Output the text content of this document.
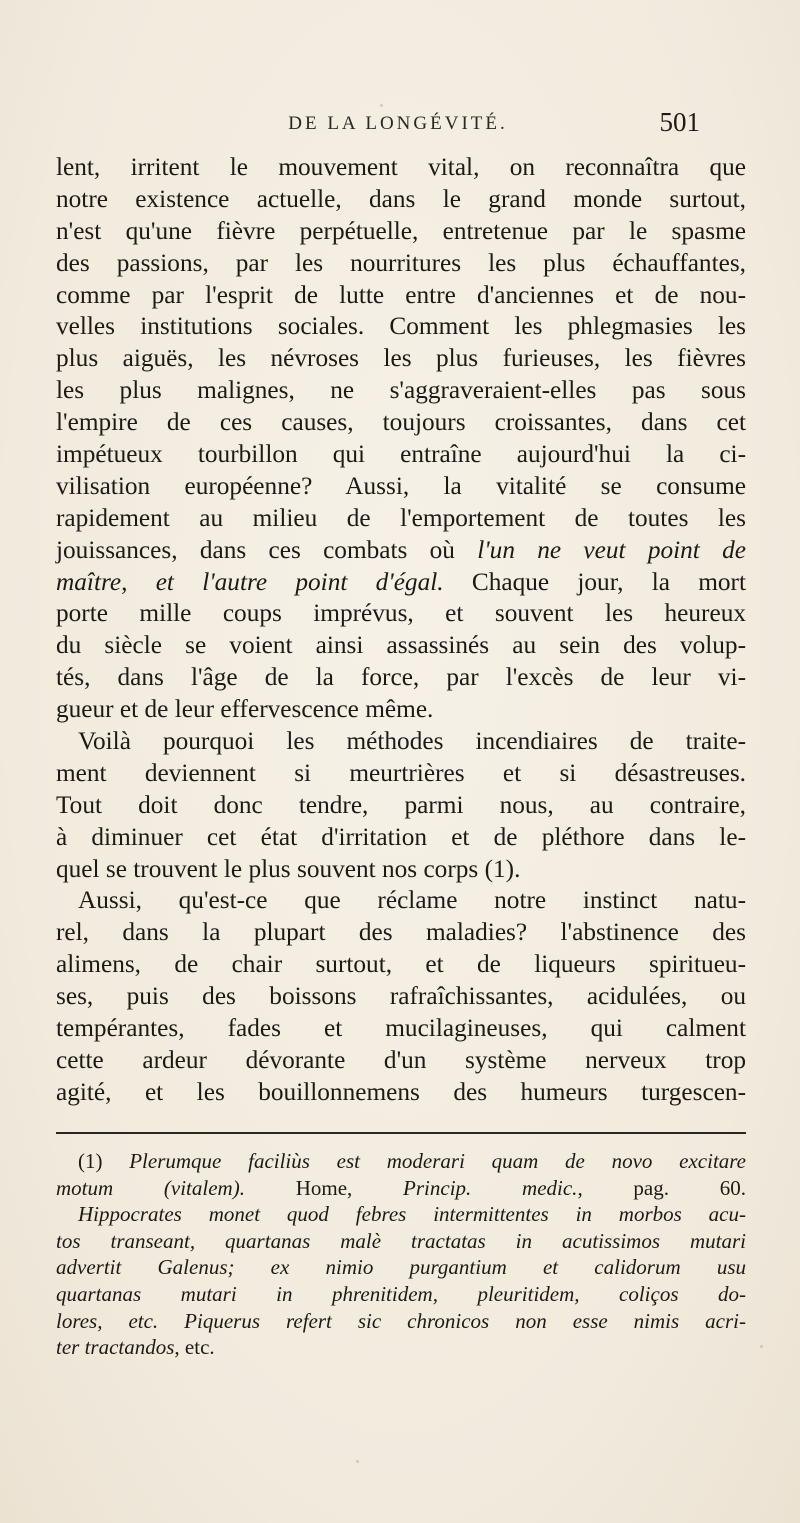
DE LA LONGÉVITÉ.	501
lent, irritent le mouvement vital, on reconnaîtra que
notre existence actuelle, dans le grand monde surtout,
n'est qu'une fièvre perpétuelle, entretenue par le spasme
des passions, par les nourritures les plus échauffantes,
comme par l'esprit de lutte entre d'anciennes et de nou-
velles institutions sociales. Comment les phlegmasies les
plus aiguës, les névroses les plus furieuses, les fièvres
les plus malignes, ne s'aggraveraient-elles pas sous
l'empire de ces causes, toujours croissantes, dans cet
impétueux tourbillon qui entraîne aujourd'hui la ci-
vilisation européenne? Aussi, la vitalité se consume
rapidement au milieu de l'emportement de toutes les
jouissances, dans ces combats où l'un ne veut point de
maître, et l'autre point d'égal. Chaque jour, la mort
porte mille coups imprévus, et souvent les heureux
du siècle se voient ainsi assassinés au sein des volup-
tés, dans l'âge de la force, par l'excès de leur vi-
gueur et de leur effervescence même.
Voilà pourquoi les méthodes incendiaires de traite-
ment deviennent si meurtrières et si désastreuses.
Tout doit donc tendre, parmi nous, au contraire,
à diminuer cet état d'irritation et de pléthore dans le-
quel se trouvent le plus souvent nos corps (1).
Aussi, qu'est-ce que réclame notre instinct natu-
rel, dans la plupart des maladies? l'abstinence des
alimens, de chair surtout, et de liqueurs spiritueu-
ses, puis des boissons rafraîchissantes, acidulées, ou
tempérantes, fades et mucilagineuses, qui calment
cette ardeur dévorante d'un système nerveux trop
agité, et les bouillonnemens des humeurs turgescen-
(1) Plerumque faciliùs est moderari quam de novo excitare
motum (vitalem). Home, Princip. medic., pag. 60.
Hippocrates monet quod febres intermittentes in morbos acu-
tos transeant, quartanas malè tractatas in acutissimos mutari
advertit Galenus; ex nimio purgantium et calidorum usu
quartanas mutari in phrenitidem, pleuritidem, coliços do-
lores, etc. Piquerus refert sic chronicos non esse nimis acri-
ter tractandos, etc.
